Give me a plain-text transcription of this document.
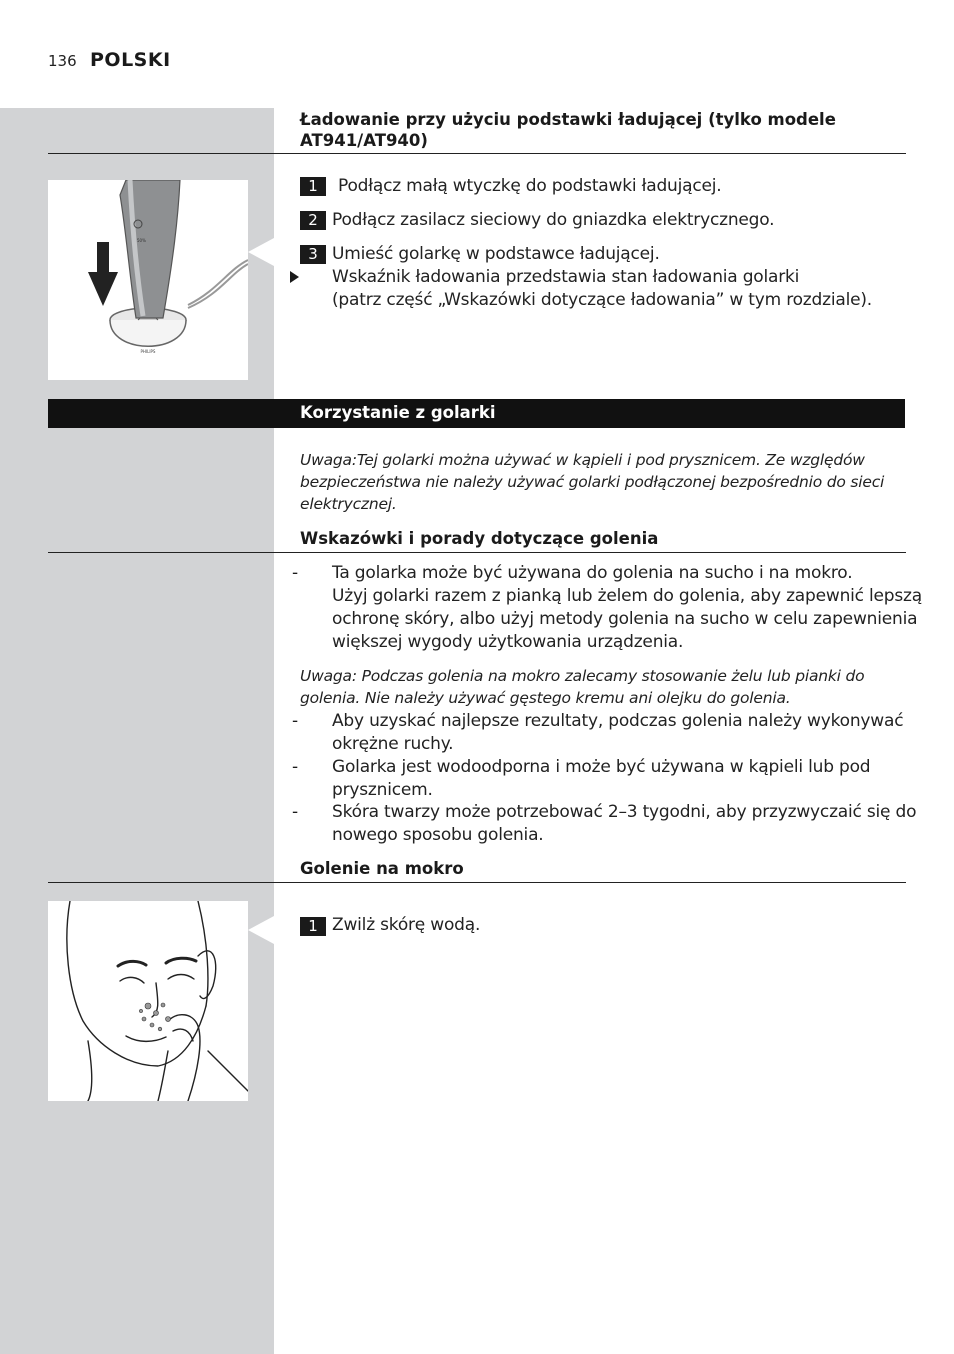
136 POLSKI
Ładowanie przy użyciu podstawki ładującej (tylko modele
AT941/AT940)
PHILIPS
50%
1	Podłącz małą wtyczkę do podstawki ładującej.
2 Podłącz zasilacz sieciowy do gniazdka elektrycznego.
3 Umieść golarkę w podstawce ładującej.
Wskaźnik ładowania przedstawia stan ładowania golarki
(patrz część „Wskazówki dotyczące ładowania” w tym rozdziale).
Korzystanie z golarki
Uwaga:Tej golarki można używać w kąpieli i pod prysznicem. Ze względów
bezpieczeństwa nie należy używać golarki podłączonej bezpośrednio do sieci
elektrycznej.
Wskazówki i porady dotyczące golenia
- Ta golarka może być używana do golenia na sucho i na mokro.
Użyj golarki razem z pianką lub żelem do golenia, aby zapewnić lepszą
ochronę skóry, albo użyj metody golenia na sucho w celu zapewnienia
większej wygody użytkowania urządzenia.
Uwaga: Podczas golenia na mokro zalecamy stosowanie żelu lub pianki do
golenia. Nie należy używać gęstego kremu ani olejku do golenia.
- Aby uzyskać najlepsze rezultaty, podczas golenia należy wykonywać
okrężne ruchy.
- Golarka jest wodoodporna i może być używana w kąpieli lub pod
prysznicem.
- Skóra twarzy może potrzebować 2–3 tygodni, aby przyzwyczaić się do
nowego sposobu golenia.
Golenie na mokro
1 Zwilż skórę wodą.
